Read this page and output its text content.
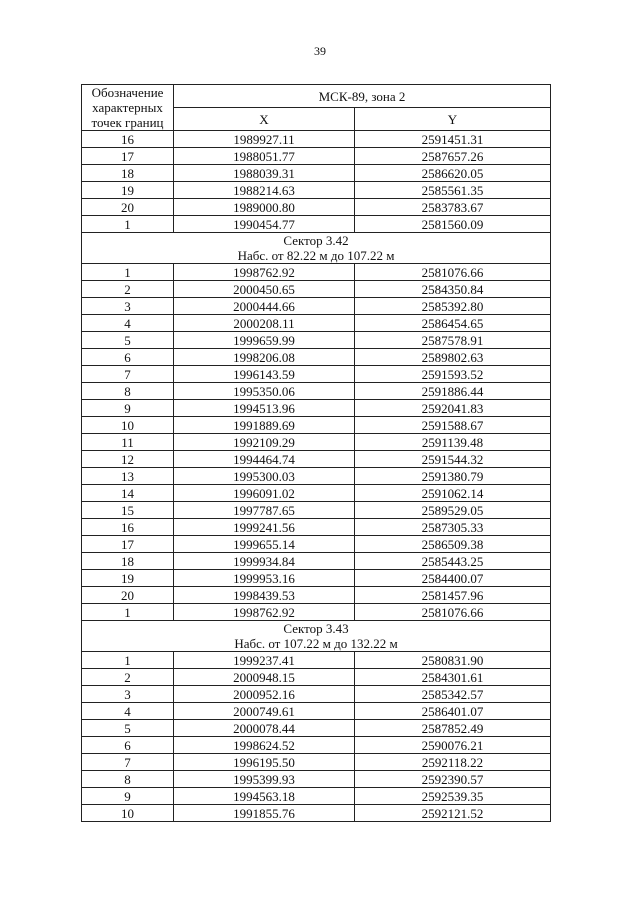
39
Обозначение характерных точек границ	МСК-89, зона 2	
	X	Y
16	1989927.11	2591451.31
17	1988051.77	2587657.26
18	1988039.31	2586620.05
19	1988214.63	2585561.35
20	1989000.80	2583783.67
1	1990454.77	2581560.09

Сектор 3.42
Набс. от 82.22 м до 107.22 м		

1	1998762.92	2581076.66
2	2000450.65	2584350.84
3	2000444.66	2585392.80
4	2000208.11	2586454.65
5	1999659.99	2587578.91
6	1998206.08	2589802.63
7	1996143.59	2591593.52
8	1995350.06	2591886.44
9	1994513.96	2592041.83
10	1991889.69	2591588.67
11	1992109.29	2591139.48
12	1994464.74	2591544.32
13	1995300.03	2591380.79
14	1996091.02	2591062.14
15	1997787.65	2589529.05
16	1999241.56	2587305.33
17	1999655.14	2586509.38
18	1999934.84	2585443.25
19	1999953.16	2584400.07
20	1998439.53	2581457.96
1	1998762.92	2581076.66

Сектор 3.43
Набс. от 107.22 м до 132.22 м		

1	1999237.41	2580831.90
2	2000948.15	2584301.61
3	2000952.16	2585342.57
4	2000749.61	2586401.07
5	2000078.44	2587852.49
6	1998624.52	2590076.21
7	1996195.50	2592118.22
8	1995399.93	2592390.57
9	1994563.18	2592539.35
10	1991855.76	2592121.52
